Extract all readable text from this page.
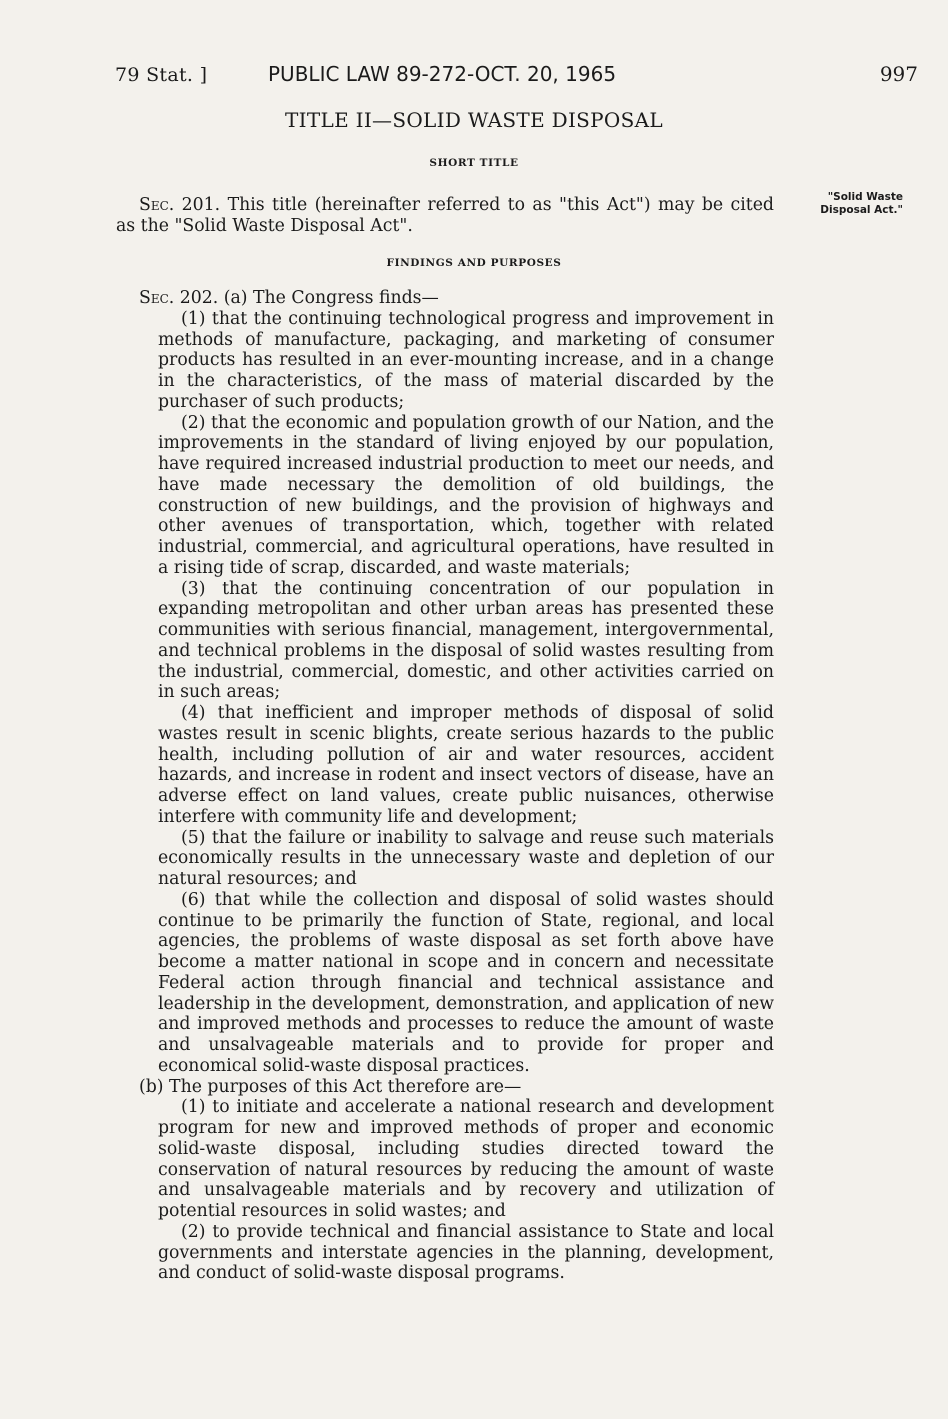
79 Stat. ]	PUBLIC LAW 89-272-OCT. 20, 1965	997
TITLE II—SOLID WASTE DISPOSAL
SHORT TITLE
"Solid Waste Disposal Act."

Sec. 201. This title (hereinafter referred to as "this Act") may be cited as the "Solid Waste Disposal Act".

FINDINGS AND PURPOSES

Sec. 202. (a) The Congress finds—

(1) that the continuing technological progress and improvement in methods of manufacture, packaging, and marketing of consumer products has resulted in an ever-mounting increase, and in a change in the characteristics, of the mass of material discarded by the purchaser of such products;

(2) that the economic and population growth of our Nation, and the improvements in the standard of living enjoyed by our population, have required increased industrial production to meet our needs, and have made necessary the demolition of old buildings, the construction of new buildings, and the provision of highways and other avenues of transportation, which, together with related industrial, commercial, and agricultural operations, have resulted in a rising tide of scrap, discarded, and waste materials;

(3) that the continuing concentration of our population in expanding metropolitan and other urban areas has presented these communities with serious financial, management, intergovernmental, and technical problems in the disposal of solid wastes resulting from the industrial, commercial, domestic, and other activities carried on in such areas;

(4) that inefficient and improper methods of disposal of solid wastes result in scenic blights, create serious hazards to the public health, including pollution of air and water resources, accident hazards, and increase in rodent and insect vectors of disease, have an adverse effect on land values, create public nuisances, otherwise interfere with community life and development;

(5) that the failure or inability to salvage and reuse such materials economically results in the unnecessary waste and depletion of our natural resources; and

(6) that while the collection and disposal of solid wastes should continue to be primarily the function of State, regional, and local agencies, the problems of waste disposal as set forth above have become a matter national in scope and in concern and necessitate Federal action through financial and technical assistance and leadership in the development, demonstration, and application of new and improved methods and processes to reduce the amount of waste and unsalvageable materials and to provide for proper and economical solid-waste disposal practices.

(b) The purposes of this Act therefore are—

(1) to initiate and accelerate a national research and development program for new and improved methods of proper and economic solid-waste disposal, including studies directed toward the conservation of natural resources by reducing the amount of waste and unsalvageable materials and by recovery and utilization of potential resources in solid wastes; and

(2) to provide technical and financial assistance to State and local governments and interstate agencies in the planning, development, and conduct of solid-waste disposal programs.
